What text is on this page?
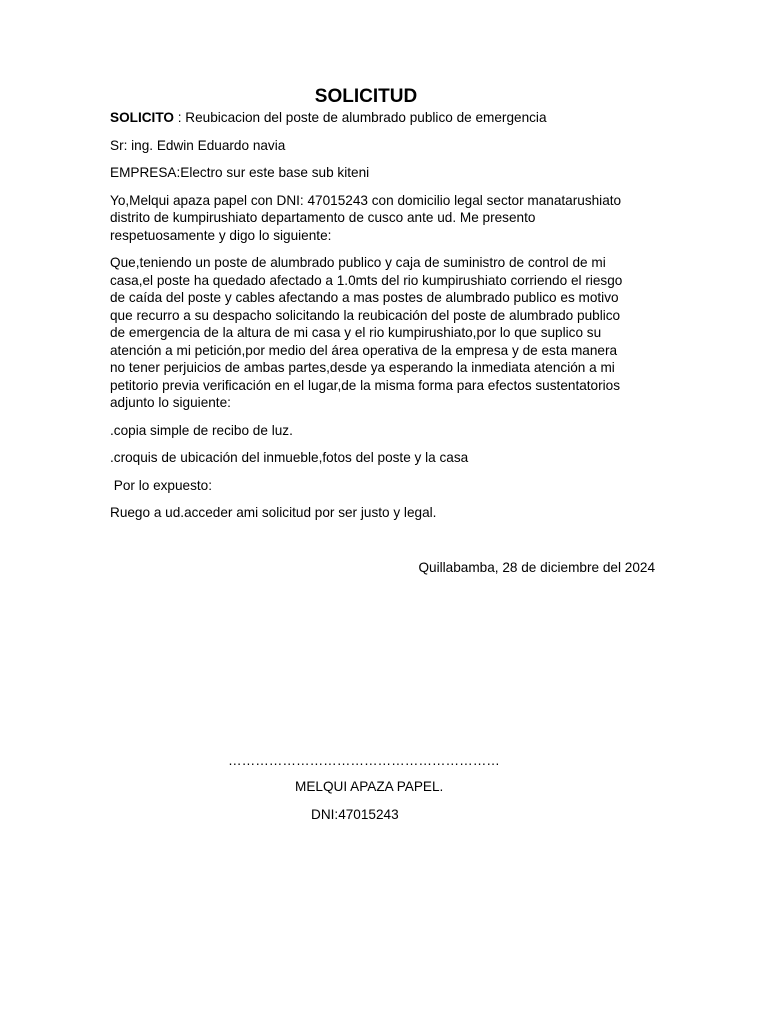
SOLICITUD

SOLICITO : Reubicacion del poste de alumbrado publico de emergencia

Sr: ing. Edwin Eduardo navia

EMPRESA:Electro sur este base sub kiteni

Yo,Melqui apaza papel con DNI: 47015243 con domicilio legal sector manatarushiato
distrito de kumpirushiato departamento de cusco ante ud. Me presento
respetuosamente y digo lo siguiente:

Que,teniendo un poste de alumbrado publico y caja de suministro de control de mi
casa,el poste ha quedado afectado a 1.0mts del rio kumpirushiato corriendo el riesgo
de caída del poste y cables afectando a mas postes de alumbrado publico es motivo
que recurro a su despacho solicitando la reubicación del poste de alumbrado publico
de emergencia de la altura de mi casa y el rio kumpirushiato,por lo que suplico su
atención a mi petición,por medio del área operativa de la empresa y de esta manera
no tener perjuicios de ambas partes,desde ya esperando la inmediata atención a mi
petitorio previa verificación en el lugar,de la misma forma para efectos sustentatorios
adjunto lo siguiente:

.copia simple de recibo de luz.

.croquis de ubicación del inmueble,fotos del poste y la casa

Por lo expuesto:

Ruego a ud.acceder ami solicitud por ser justo y legal.

Quillabamba, 28 de diciembre del 2024
……………………………………………………
MELQUI APAZA PAPEL.
DNI:47015243
